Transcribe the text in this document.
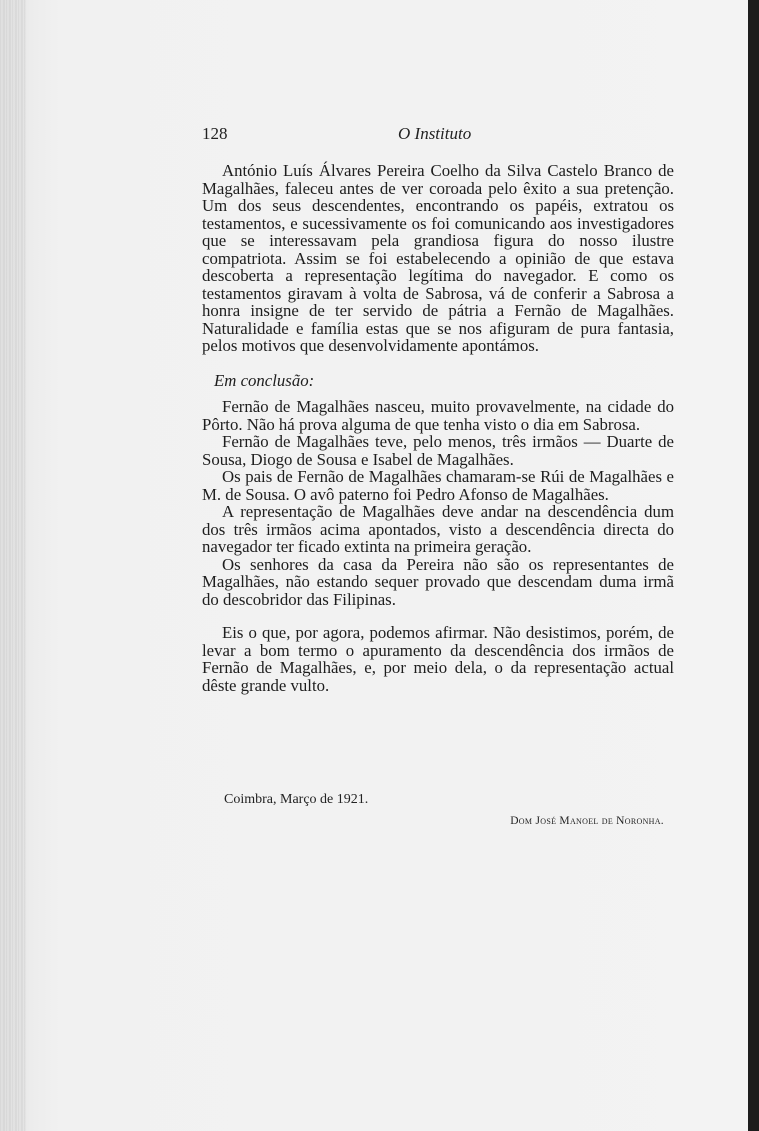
128	O Instituto

António Luís Álvares Pereira Coelho da Silva Castelo Branco de Magalhães, faleceu antes de ver coroada pelo êxito a sua pretenção. Um dos seus descendentes, encontrando os papéis, extratou os testamentos, e sucessivamente os foi comunicando aos investigadores que se interessavam pela grandiosa figura do nosso ilustre compatriota. Assim se foi estabelecendo a opinião de que estava descoberta a representação legítima do navegador. E como os testamentos giravam à volta de Sabrosa, vá de conferir a Sabrosa a honra insigne de ter servido de pátria a Fernão de Magalhães. Naturalidade e família estas que se nos afiguram de pura fantasia, pelos motivos que desenvolvidamente apontámos.

Em conclusão:

Fernão de Magalhães nasceu, muito provavelmente, na cidade do Pôrto. Não há prova alguma de que tenha visto o dia em Sabrosa.

Fernão de Magalhães teve, pelo menos, três irmãos — Duarte de Sousa, Diogo de Sousa e Isabel de Magalhães.

Os pais de Fernão de Magalhães chamaram-se Rúi de Magalhães e M. de Sousa. O avô paterno foi Pedro Afonso de Magalhães.

A representação de Magalhães deve andar na descendência dum dos três irmãos acima apontados, visto a descendência directa do navegador ter ficado extinta na primeira geração.

Os senhores da casa da Pereira não são os representantes de Magalhães, não estando sequer provado que descendam duma irmã do descobridor das Filipinas.

Eis o que, por agora, podemos afirmar. Não desistimos, porém, de levar a bom termo o apuramento da descendência dos irmãos de Fernão de Magalhães, e, por meio dela, o da representação actual dêste grande vulto.

Coimbra, Março de 1921.
Dom José Manoel de Noronha.
